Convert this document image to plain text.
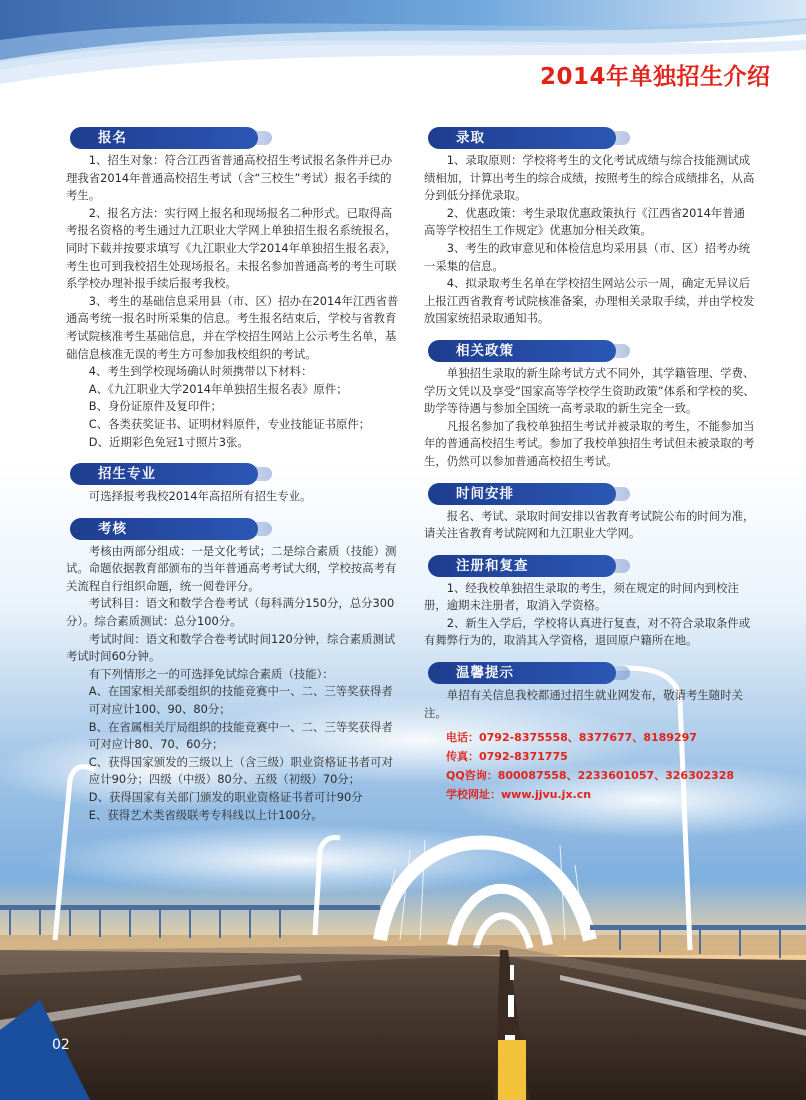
2014年单独招生介绍
报名

1、招生对象：符合江西省普通高校招生考试报名条件并已办理我省2014年普通高校招生考试（含“三校生”考试）报名手续的考生。

2、报名方法：实行网上报名和现场报名二种形式。已取得高考报名资格的考生通过九江职业大学网上单独招生报名系统报名，同时下载并按要求填写《九江职业大学2014年单独招生报名表》，考生也可到我校招生处现场报名。未报名参加普通高考的考生可联系学校办理补报手续后报考我校。

3、考生的基础信息采用县（市、区）招办在2014年江西省普通高考统一报名时所采集的信息。考生报名结束后，学校与省教育考试院核准考生基础信息，并在学校招生网站上公示考生名单，基础信息核准无误的考生方可参加我校组织的考试。

4、考生到学校现场确认时须携带以下材料：

A、《九江职业大学2014年单独招生报名表》原件；

B、身份证原件及复印件；

C、各类获奖证书、证明材料原件，专业技能证书原件；

D、近期彩色免冠1寸照片3张。

招生专业

可选择报考我校2014年高招所有招生专业。

考核

考核由两部分组成：一是文化考试；二是综合素质（技能）测试。命题依据教育部颁布的当年普通高考考试大纲，学校按高考有关流程自行组织命题，统一阅卷评分。

考试科目：语文和数学合卷考试（每科满分150分，总分300分）。综合素质测试：总分100分。

考试时间：语文和数学合卷考试时间120分钟，综合素质测试考试时间60分钟。

有下列情形之一的可选择免试综合素质（技能）：

A、在国家相关部委组织的技能竞赛中一、二、三等奖获得者可对应计100、90、80分；

B、在省属相关厅局组织的技能竞赛中一、二、三等奖获得者可对应计80、70、60分；

C、获得国家颁发的三级以上（含三级）职业资格证书者可对应计90分；四级（中级）80分、五级（初级）70分；

D、获得国家有关部门颁发的职业资格证书者可计90分

E、获得艺术类省级联考专科线以上计100分。

录取

1、录取原则：学校将考生的文化考试成绩与综合技能测试成绩相加，计算出考生的综合成绩，按照考生的综合成绩排名，从高分到低分择优录取。

2、优惠政策：考生录取优惠政策执行《江西省2014年普通高等学校招生工作规定》优惠加分相关政策。

3、考生的政审意见和体检信息均采用县（市、区）招考办统一采集的信息。

4、拟录取考生名单在学校招生网站公示一周，确定无异议后上报江西省教育考试院核准备案，办理相关录取手续，并由学校发放国家统招录取通知书。

相关政策

单独招生录取的新生除考试方式不同外，其学籍管理、学费、学历文凭以及享受“国家高等学校学生资助政策”体系和学校的奖、助学等待遇与参加全国统一高考录取的新生完全一致。

凡报名参加了我校单独招生考试并被录取的考生，不能参加当年的普通高校招生考试。参加了我校单独招生考试但未被录取的考生，仍然可以参加普通高校招生考试。

时间安排

报名、考试、录取时间安排以省教育考试院公布的时间为准，请关注省教育考试院网和九江职业大学网。

注册和复查

1、经我校单独招生录取的考生，须在规定的时间内到校注册，逾期未注册者，取消入学资格。

2、新生入学后，学校将认真进行复查，对不符合录取条件或有舞弊行为的，取消其入学资格，退回原户籍所在地。

温馨提示

单招有关信息我校都通过招生就业网发布，敬请考生随时关注。

电话：0792-8375558、8377677、8189297
传真：0792-8371775
QQ咨询：800087558、2233601057、326302328
学校网址：www.jjvu.jx.cn
02
